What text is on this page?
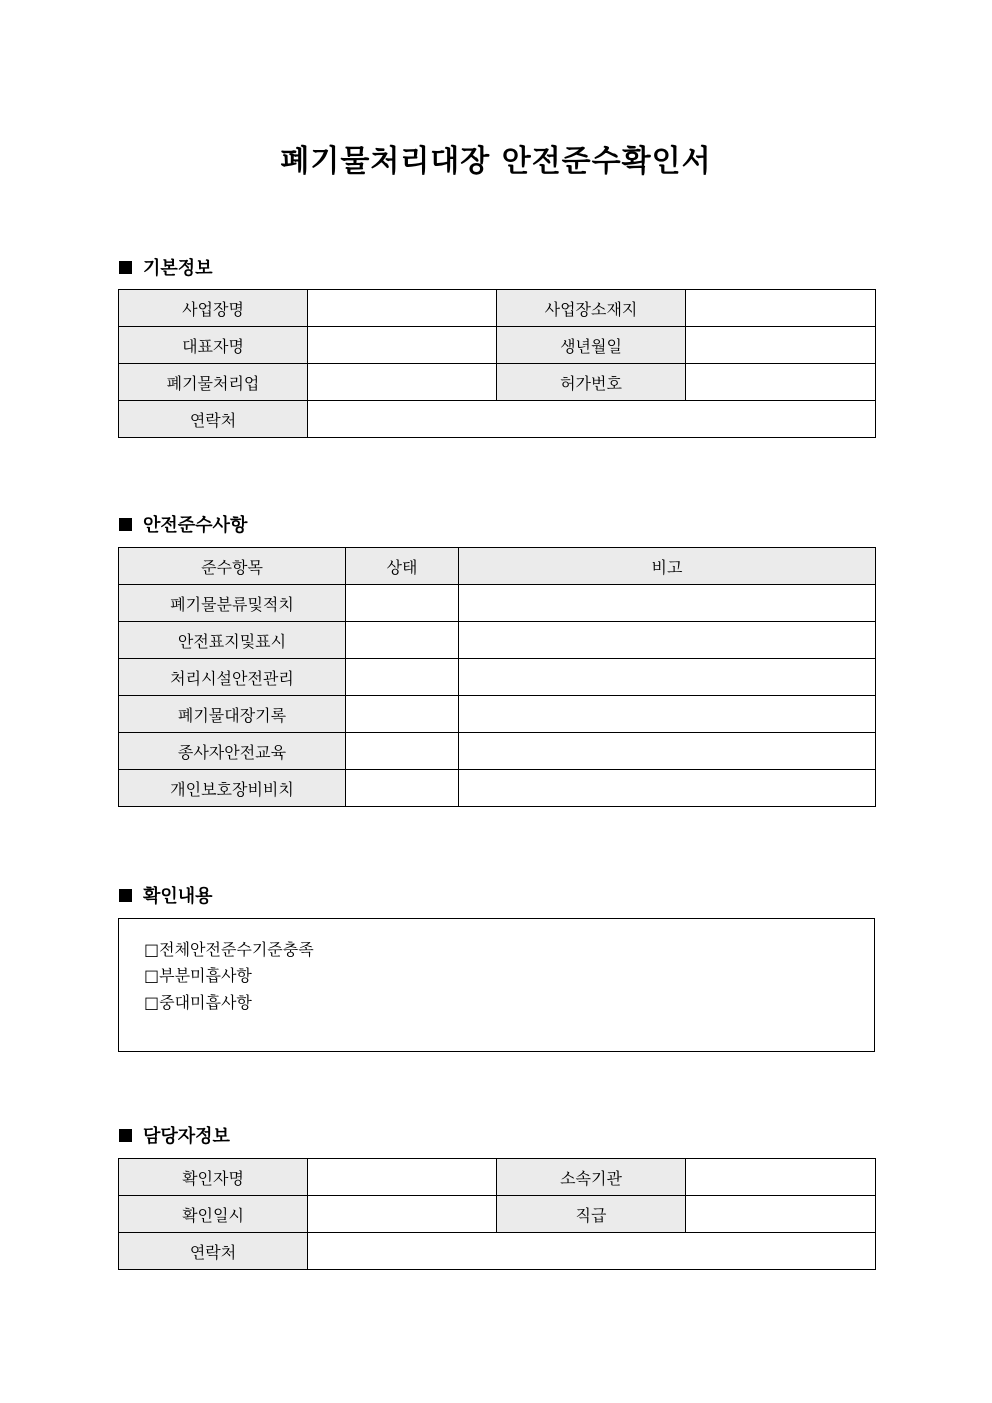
폐기물처리대장 안전준수확인서
기본정보
사업장명		사업장소재지	
대표자명		생년월일	
폐기물처리업		허가번호	
연락처			
안전준수사항
준수항목	상태	비고
폐기물분류및적치		
안전표지및표시		
처리시설안전관리		
폐기물대장기록		
종사자안전교육		
개인보호장비비치		
확인내용
□전체안전준수기준충족
□부분미흡사항
□중대미흡사항
담당자정보
확인자명		소속기관	
확인일시		직급	
연락처			
